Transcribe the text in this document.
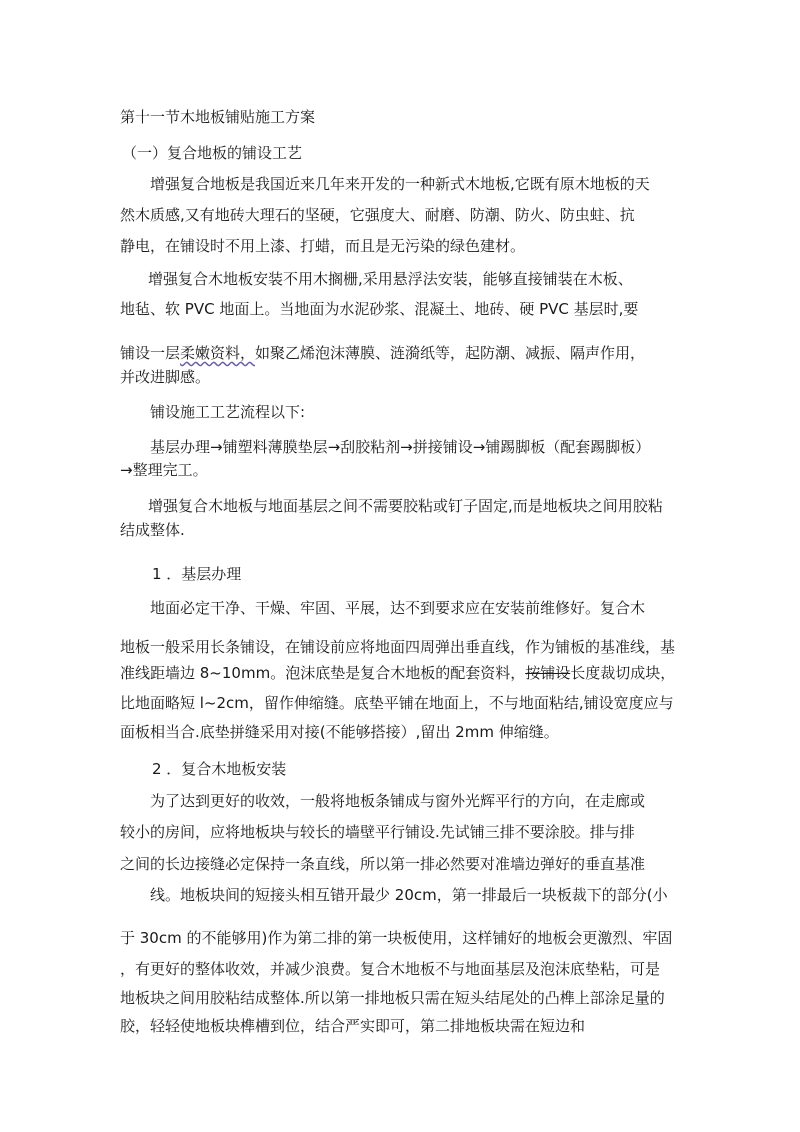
第十一节木地板铺贴施工方案
（一）复合地板的铺设工艺
增强复合地板是我国近来几年来开发的一种新式木地板,它既有原木地板的天
然木质感,又有地砖大理石的坚硬，它强度大、耐磨、防潮、防火、防虫蛀、抗
静电，在铺设时不用上漆、打蜡，而且是无污染的绿色建材。
增强复合木地板安装不用木搁栅,采用悬浮法安装，能够直接铺装在木板、
地毡、软 PVC 地面上。当地面为水泥砂浆、混凝土、地砖、硬 PVC 基层时,要
铺设一层柔嫩资料，如聚乙烯泡沫薄膜、涟漪纸等，起防潮、减振、隔声作用，
并改进脚感。
铺设施工工艺流程以下:
基层办理→铺塑料薄膜垫层→刮胶粘剂→拼接铺设→铺踢脚板（配套踢脚板）
→整理完工。
增强复合木地板与地面基层之间不需要胶粘或钉子固定,而是地板块之间用胶粘
结成整体.
1 ．基层办理
地面必定干净、干燥、牢固、平展，达不到要求应在安装前维修好。复合木
地板一般采用长条铺设，在铺设前应将地面四周弹出垂直线，作为铺板的基准线，基
准线距墙边 8~10mm。泡沫底垫是复合木地板的配套资料，按铺设长度裁切成块，
比地面略短 l~2cm，留作伸缩缝。底垫平铺在地面上，不与地面粘结,铺设宽度应与
面板相当合.底垫拼缝采用对接(不能够搭接）,留出 2mm 伸缩缝。
2 ．复合木地板安装
为了达到更好的收效，一般将地板条铺成与窗外光辉平行的方向，在走廊或
较小的房间，应将地板块与较长的墙壁平行铺设.先试铺三排不要涂胶。排与排
之间的长边接缝必定保持一条直线，所以第一排必然要对准墙边弹好的垂直基准
线。地板块间的短接头相互错开最少 20cm，第一排最后一块板裁下的部分(小
于 30cm 的不能够用)作为第二排的第一块板使用，这样铺好的地板会更激烈、牢固
，有更好的整体收效，并减少浪费。复合木地板不与地面基层及泡沫底垫粘，可是
地板块之间用胶粘结成整体.所以第一排地板只需在短头结尾处的凸榫上部涂足量的
胶，轻轻使地板块榫槽到位，结合严实即可，第二排地板块需在短边和
